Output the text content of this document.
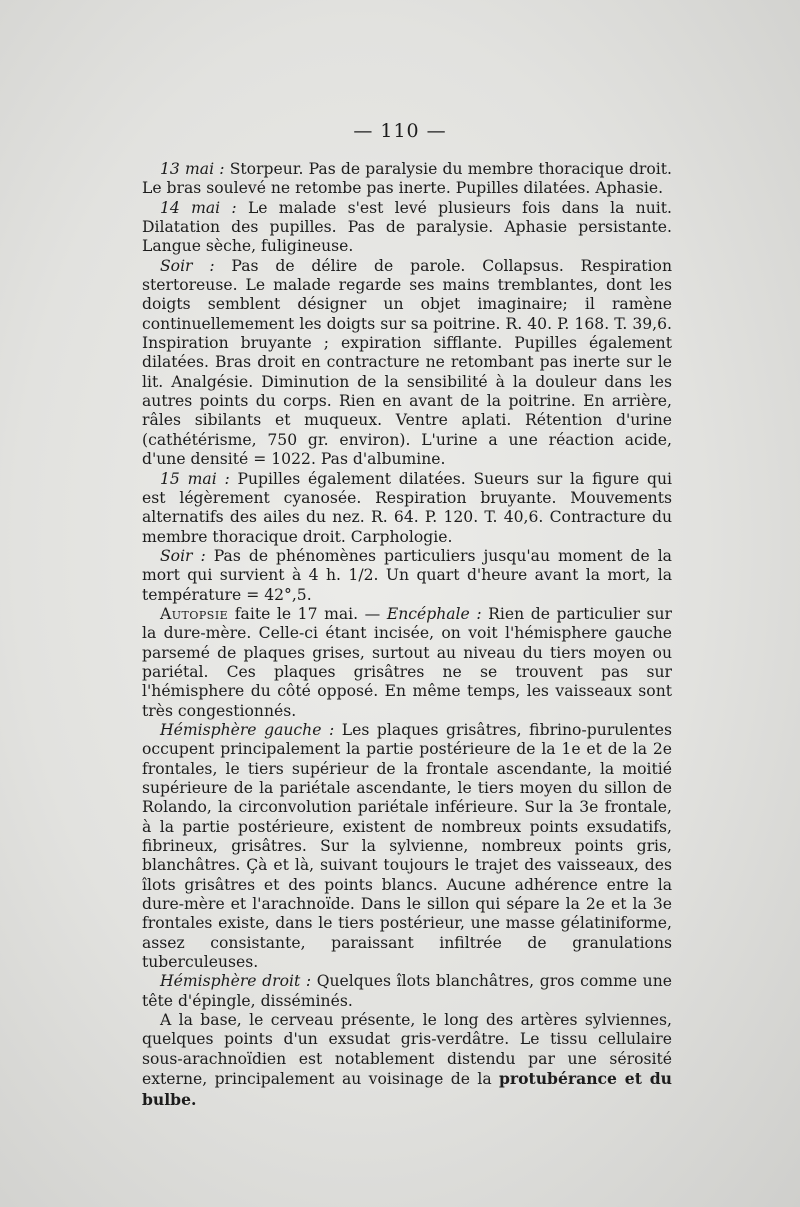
— 110 —

13 mai : Storpeur. Pas de paralysie du membre thoracique droit. Le bras soulevé ne retombe pas inerte. Pupilles dilatées. Aphasie.

14 mai : Le malade s'est levé plusieurs fois dans la nuit. Dilatation des pupilles. Pas de paralysie. Aphasie persistante. Langue sèche, fuligineuse.

Soir : Pas de délire de parole. Collapsus. Respiration stertoreuse. Le malade regarde ses mains tremblantes, dont les doigts semblent désigner un objet imaginaire; il ramène continuellemement les doigts sur sa poitrine. R. 40. P. 168. T. 39,6. Inspiration bruyante ; expiration sifflante. Pupilles également dilatées. Bras droit en contracture ne retombant pas inerte sur le lit. Analgésie. Diminution de la sensibilité à la douleur dans les autres points du corps. Rien en avant de la poitrine. En arrière, râles sibilants et muqueux. Ventre aplati. Rétention d'urine (cathétérisme, 750 gr. environ). L'urine a une réaction acide, d'une densité = 1022. Pas d'albumine.

15 mai : Pupilles également dilatées. Sueurs sur la figure qui est légèrement cyanosée. Respiration bruyante. Mouvements alternatifs des ailes du nez. R. 64. P. 120. T. 40,6. Contracture du membre thoracique droit. Carphologie.

Soir : Pas de phénomènes particuliers jusqu'au moment de la mort qui survient à 4 h. 1/2. Un quart d'heure avant la mort, la température = 42°,5.

Autopsie faite le 17 mai. — Encéphale : Rien de particulier sur la dure-mère. Celle-ci étant incisée, on voit l'hémisphere gauche parsemé de plaques grises, surtout au niveau du tiers moyen ou pariétal. Ces plaques grisâtres ne se trouvent pas sur l'hémisphere du côté opposé. En même temps, les vaisseaux sont très congestionnés.

Hémisphère gauche : Les plaques grisâtres, fibrino-purulentes occupent principalement la partie postérieure de la 1e et de la 2e frontales, le tiers supérieur de la frontale ascendante, la moitié supérieure de la pariétale ascendante, le tiers moyen du sillon de Rolando, la circonvolution pariétale inférieure. Sur la 3e frontale, à la partie postérieure, existent de nombreux points exsudatifs, fibrineux, grisâtres. Sur la sylvienne, nombreux points gris, blanchâtres. Çà et là, suivant toujours le trajet des vaisseaux, des îlots grisâtres et des points blancs. Aucune adhérence entre la dure-mère et l'arachnoïde. Dans le sillon qui sépare la 2e et la 3e frontales existe, dans le tiers postérieur, une masse gélatiniforme, assez consistante, paraissant infiltrée de granulations tuberculeuses.

Hémisphère droit : Quelques îlots blanchâtres, gros comme une tête d'épingle, disséminés.

A la base, le cerveau présente, le long des artères sylviennes, quelques points d'un exsudat gris-verdâtre. Le tissu cellulaire sous-arachnoïdien est notablement distendu par une sérosité externe, principalement au voisinage de la protubérance et du bulbe.
